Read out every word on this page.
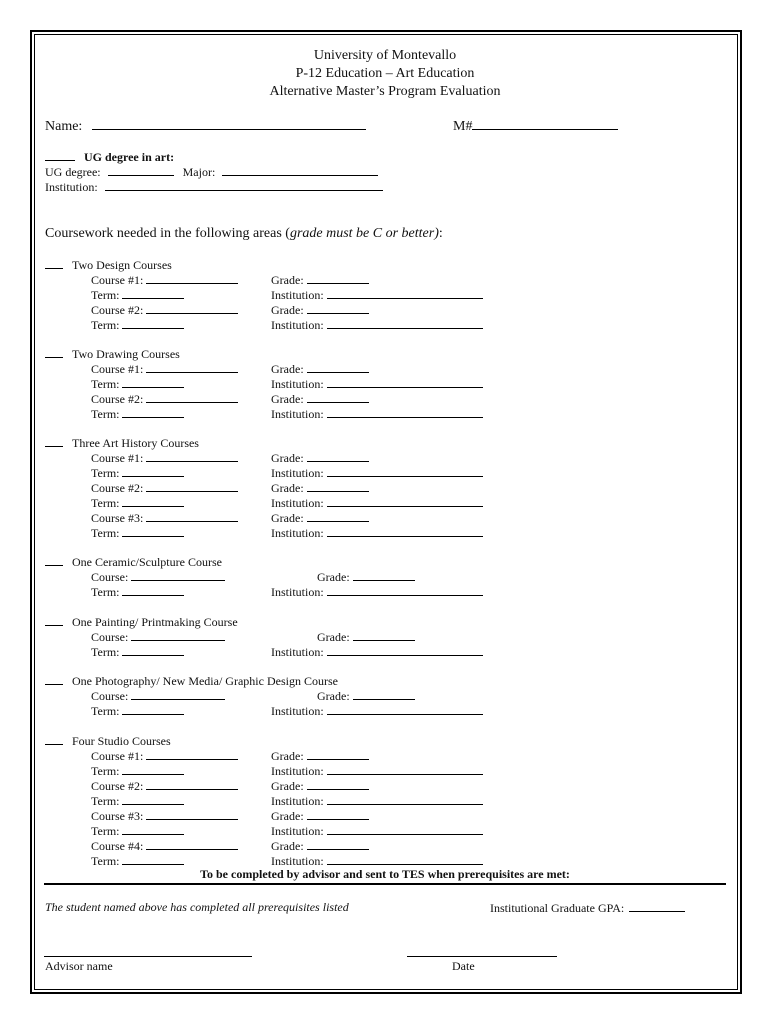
University of Montevallo
P-12 Education – Art Education
Alternative Master’s Program Evaluation
Name:	M#
UG degree in art:
UG degree:	Major:
Institution:
Coursework needed in the following areas (grade must be C or better):
Two Design Courses
Course #1:	Grade:
Term:	Institution:
Course #2:	Grade:
Term:	Institution:
Two Drawing Courses
Course #1:	Grade:
Term:	Institution:
Course #2:	Grade:
Term:	Institution:
Three Art History Courses
Course #1:	Grade:
Term:	Institution:
Course #2:	Grade:
Term:	Institution:
Course #3:	Grade:
Term:	Institution:
One Ceramic/Sculpture Course
Course:	Grade:
Term:	Institution:
One Painting/ Printmaking Course
Course:	Grade:
Term:	Institution:
One Photography/ New Media/ Graphic Design Course
Course:	Grade:
Term:	Institution:
Four Studio Courses
Course #1:	Grade:
Term:	Institution:
Course #2:	Grade:
Term:	Institution:
Course #3:	Grade:
Term:	Institution:
Course #4:	Grade:
Term:	Institution:
To be completed by advisor and sent to TES when prerequisites are met:
The student named above has completed all prerequisites listed	Institutional Graduate GPA:
Advisor name	Date
